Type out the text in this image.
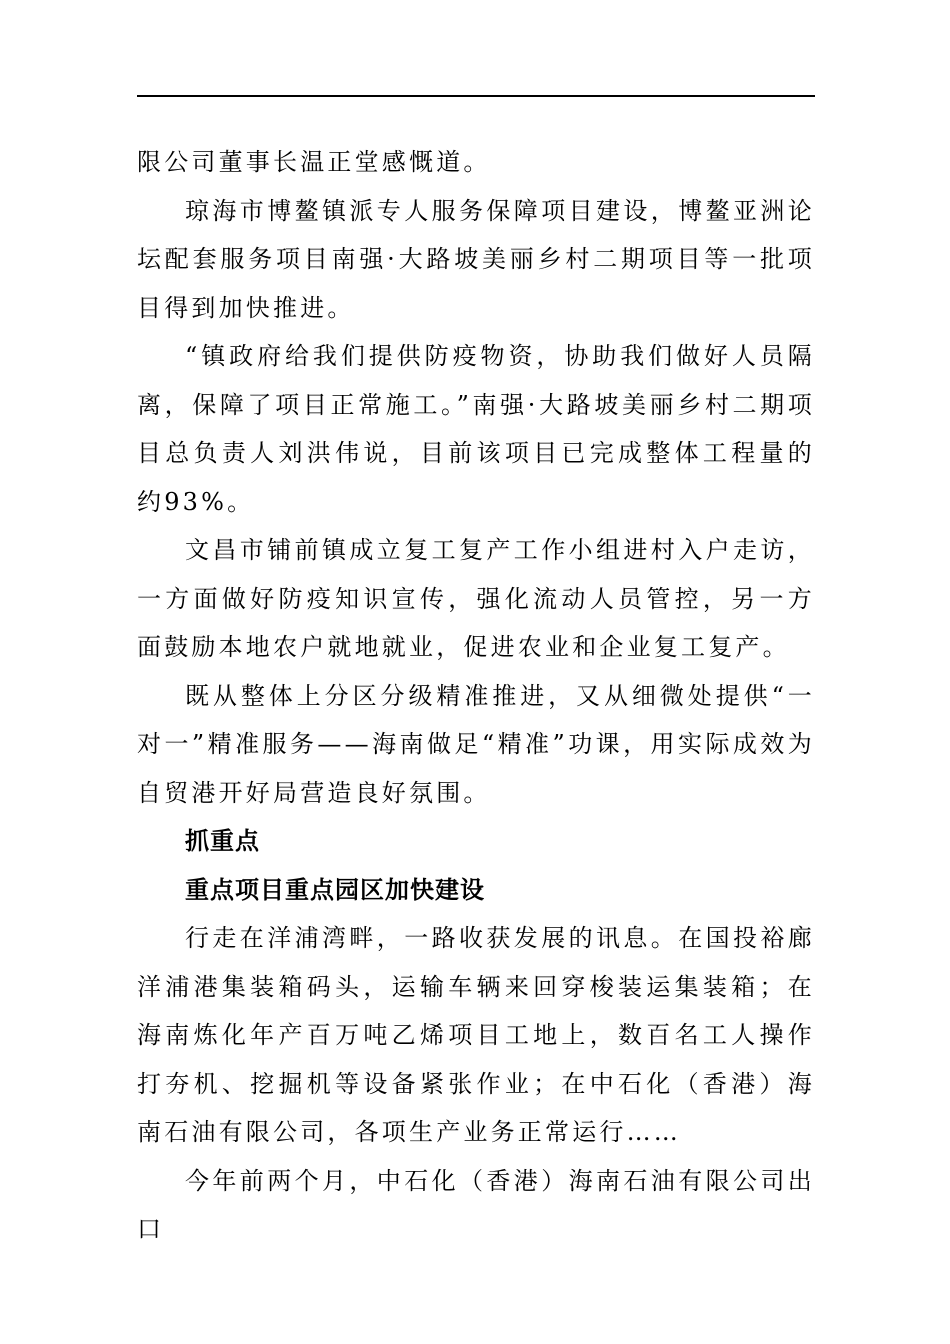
限公司董事长温正堂感慨道。

琼海市博鳌镇派专人服务保障项目建设，博鳌亚洲论坛配套服务项目南强·大路坡美丽乡村二期项目等一批项目得到加快推进。

“镇政府给我们提供防疫物资，协助我们做好人员隔离，保障了项目正常施工。”南强·大路坡美丽乡村二期项目总负责人刘洪伟说，目前该项目已完成整体工程量的约93%。

文昌市铺前镇成立复工复产工作小组进村入户走访，一方面做好防疫知识宣传，强化流动人员管控，另一方面鼓励本地农户就地就业，促进农业和企业复工复产。

既从整体上分区分级精准推进，又从细微处提供“一对一”精准服务——海南做足“精准”功课，用实际成效为自贸港开好局营造良好氛围。

抓重点

重点项目重点园区加快建设

行走在洋浦湾畔，一路收获发展的讯息。在国投裕廊洋浦港集装箱码头，运输车辆来回穿梭装运集装箱；在海南炼化年产百万吨乙烯项目工地上，数百名工人操作打夯机、挖掘机等设备紧张作业；在中石化（香港）海南石油有限公司，各项生产业务正常运行……

今年前两个月，中石化（香港）海南石油有限公司出口
